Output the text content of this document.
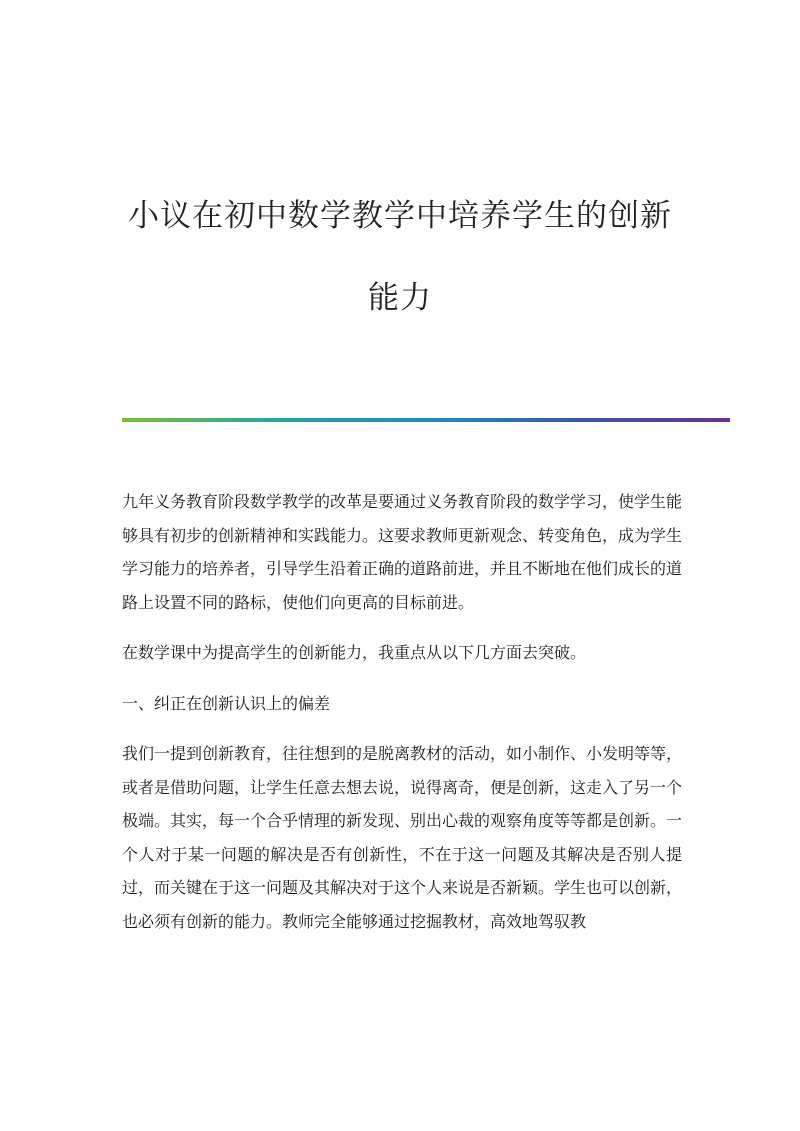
小议在初中数学教学中培养学生的创新
能力

九年义务教育阶段数学教学的改革是要通过义务教育阶段的数学学习，使学生能够具有初步的创新精神和实践能力。这要求教师更新观念、转变角色，成为学生学习能力的培养者，引导学生沿着正确的道路前进，并且不断地在他们成长的道路上设置不同的路标，使他们向更高的目标前进。

在数学课中为提高学生的创新能力，我重点从以下几方面去突破。

一、纠正在创新认识上的偏差

我们一提到创新教育，往往想到的是脱离教材的活动，如小制作、小发明等等，或者是借助问题，让学生任意去想去说，说得离奇，便是创新，这走入了另一个极端。其实，每一个合乎情理的新发现、别出心裁的观察角度等等都是创新。一个人对于某一问题的解决是否有创新性，不在于这一问题及其解决是否别人提过，而关键在于这一问题及其解决对于这个人来说是否新颖。学生也可以创新，也必须有创新的能力。教师完全能够通过挖掘教材，高效地驾驭教
